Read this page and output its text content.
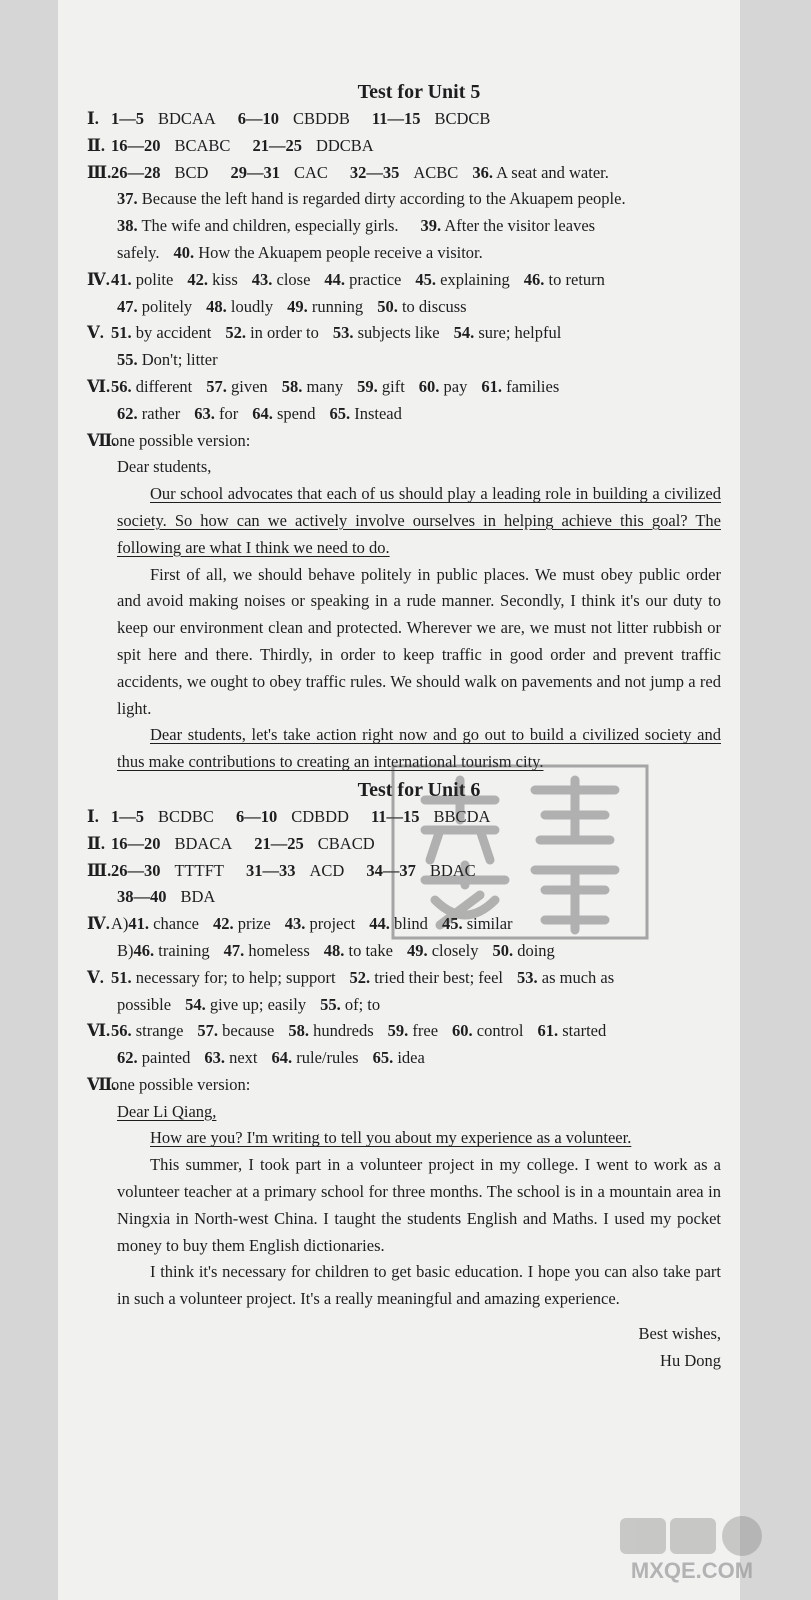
Test for Unit 5
Ⅰ. 1—5 BDCAA 6—10 CBDDB 11—15 BCDCB
Ⅱ. 16—20 BCABC 21—25 DDCBA
Ⅲ.26—28 BCD 29—31 CAC 32—35 ACBC 36. A seat and water.
37. Because the left hand is regarded dirty according to the Akuapem people.
38. The wife and children, especially girls. 39. After the visitor leaves
safely. 40. How the Akuapem people receive a visitor.
Ⅳ.41. polite 42. kiss 43. close 44. practice 45. explaining 46. to return
47. politely 48. loudly 49. running 50. to discuss
Ⅴ. 51. by accident 52. in order to 53. subjects like 54. sure; helpful
55. Don't; litter
Ⅵ.56. different 57. given 58. many 59. gift 60. pay 61. families
62. rather 63. for 64. spend 65. Instead
Ⅶ.one possible version:
Dear students,

Our school advocates that each of us should play a leading role in building a civilized society. So how can we actively involve ourselves in helping achieve this goal? The following are what I think we need to do.

First of all, we should behave politely in public places. We must obey public order and avoid making noises or speaking in a rude manner. Secondly, I think it's our duty to keep our environment clean and protected. Wherever we are, we must not litter rubbish or spit here and there. Thirdly, in order to keep traffic in good order and prevent traffic accidents, we ought to obey traffic rules. We should walk on pavements and not jump a red light.

Dear students, let's take action right now and go out to build a civilized society and thus make contributions to creating an international tourism city.

Test for Unit 6
Ⅰ. 1—5 BCDBC 6—10 CDBDD 11—15 BBCDA
Ⅱ. 16—20 BDACA 21—25 CBACD
Ⅲ.26—30 TTTFT 31—33 ACD 34—37 BDAC
38—40 BDA
Ⅳ.A)41. chance 42. prize 43. project 44. blind 45. similar
B)46. training 47. homeless 48. to take 49. closely 50. doing
Ⅴ. 51. necessary for; to help; support 52. tried their best; feel 53. as much as
possible 54. give up; easily 55. of; to
Ⅵ.56. strange 57. because 58. hundreds 59. free 60. control 61. started
62. painted 63. next 64. rule/rules 65. idea
Ⅶ.one possible version:
Dear Li Qiang,

How are you? I'm writing to tell you about my experience as a volunteer.

This summer, I took part in a volunteer project in my college. I went to work as a volunteer teacher at a primary school for three months. The school is in a mountain area in Ningxia in North-west China. I taught the students English and Maths. I used my pocket money to buy them English dictionaries.

I think it's necessary for children to get basic education. I hope you can also take part in such a volunteer project. It's a really meaningful and amazing experience.

Best wishes,
Hu Dong
MXQE.COM
